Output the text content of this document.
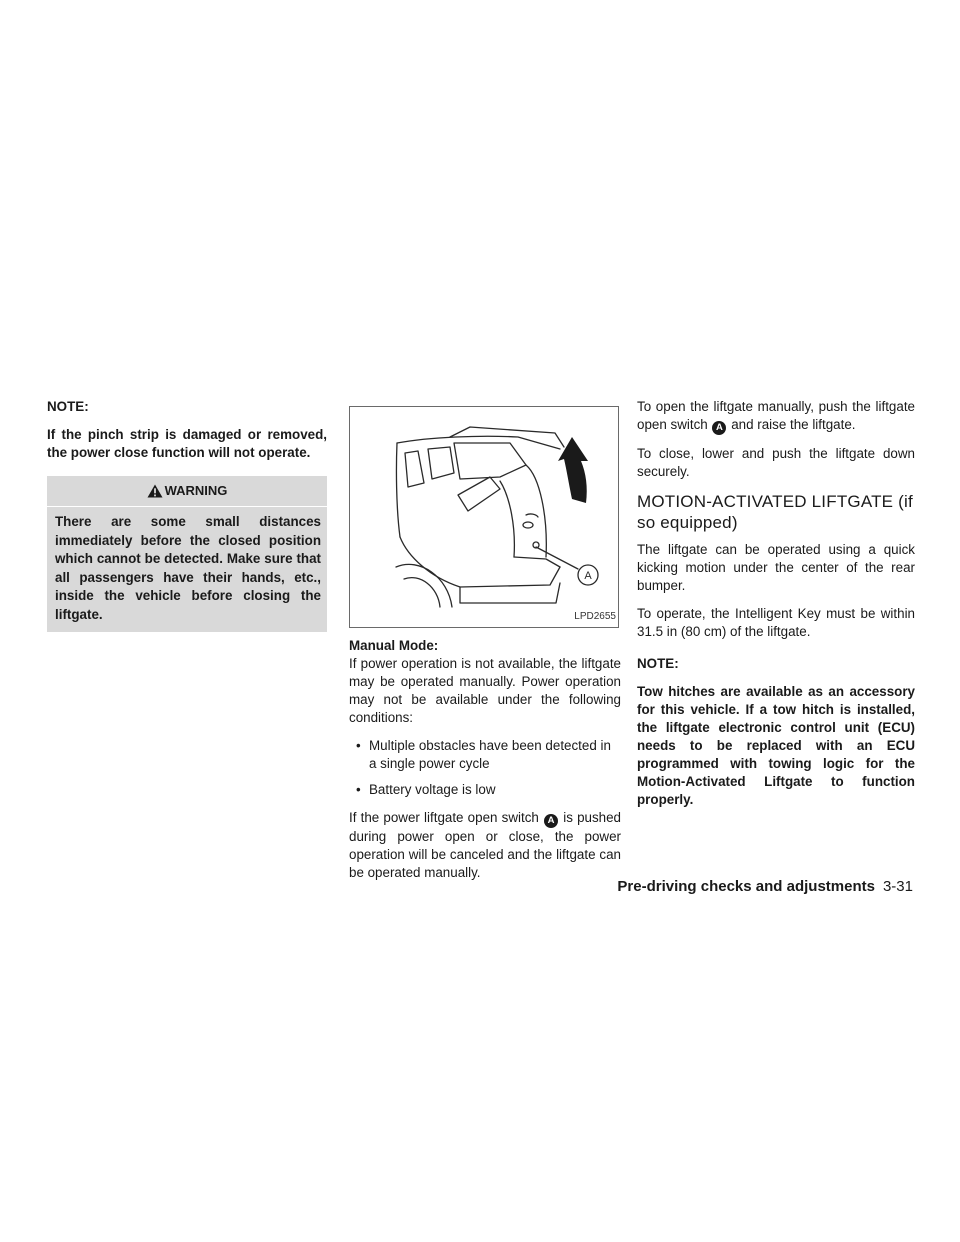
NOTE:

If the pinch strip is damaged or removed, the power close function will not operate.

WARNING
There are some small distances immediately before the closed position which cannot be detected. Make sure that all passengers have their hands, etc., inside the vehicle before closing the liftgate.
A
LPD2655

Manual Mode:

If power operation is not available, the liftgate may be operated manually. Power operation may not be available under the following conditions:

• Multiple obstacles have been detected in a single power cycle
• Battery voltage is low

If the power liftgate open switch A is pushed during power open or close, the power operation will be canceled and the liftgate can be operated manually.

To open the liftgate manually, push the liftgate open switch A and raise the liftgate.

To close, lower and push the liftgate down securely.

MOTION-ACTIVATED LIFTGATE (if so equipped)

The liftgate can be operated using a quick kicking motion under the center of the rear bumper.

To operate, the Intelligent Key must be within 31.5 in (80 cm) of the liftgate.

NOTE:

Tow hitches are available as an accessory for this vehicle. If a tow hitch is installed, the liftgate electronic control unit (ECU) needs to be replaced with an ECU programmed with towing logic for the Motion-Activated Liftgate to function properly.

Pre-driving checks and adjustments 3-31
